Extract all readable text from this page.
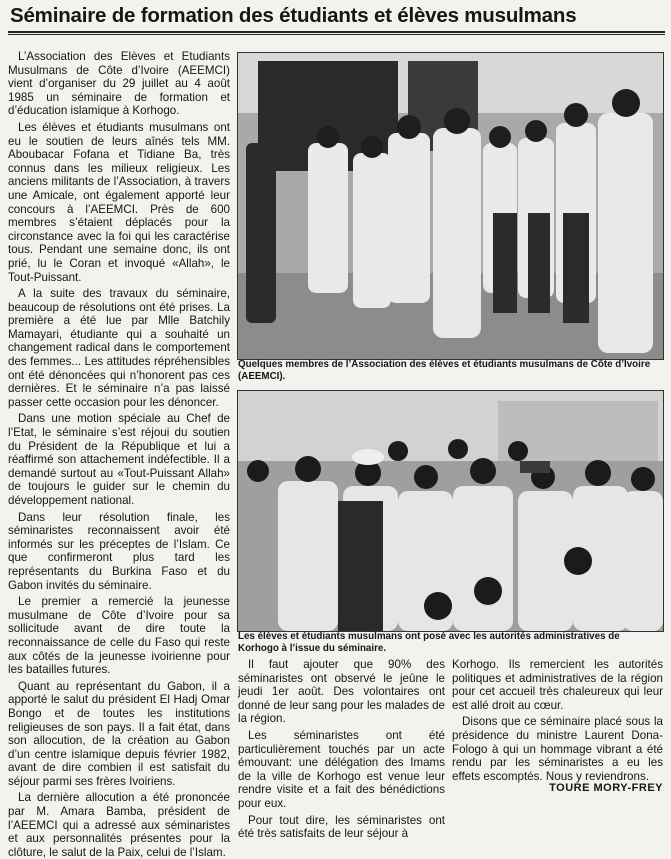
Séminaire de formation des étudiants et élèves musulmans

L’Association des Elèves et Etudiants Musulmans de Côte d’Ivoire (AEEMCI) vient d’organiser du 29 juillet au 4 août 1985 un séminaire de formation et d’éducation islamique à Korhogo.

Les élèves et étudiants musulmans ont eu le soutien de leurs aînés tels MM. Aboubacar Fofana et Tidiane Ba, très connus dans les milieux religieux. Les anciens militants de l’Association, à travers une Amicale, ont également apporté leur concours à l’AEEMCI. Près de 600 membres s’étaient déplacés pour la circonstance avec la foi qui les caractérise tous. Pendant une semaine donc, ils ont prié, lu le Coran et invoqué «Allah», le Tout-Puissant.

A la suite des travaux du séminaire, beaucoup de résolutions ont été prises. La première a été lue par Mlle Batchily Mamayari, étudiante qui a souhaité un changement radical dans le comportement des femmes... Les attitudes répréhensibles ont été dénoncées qui n’honorent pas ces dernières. Et le séminaire n’a pas laissé passer cette occasion pour les dénoncer.

Dans une motion spéciale au Chef de l’Etat, le séminaire s’est réjoui du soutien du Président de la République et lui a réaffirmé son attachement indéfectible. Il a demandé surtout au «Tout-Puissant Allah» de toujours le guider sur le chemin du développement national.

Dans leur résolution finale, les séminaristes reconnaissent avoir été informés sur les préceptes de l’Islam. Ce que confirmeront plus tard les représentants du Burkina Faso et du Gabon invités du séminaire.

Le premier a remercié la jeunesse musulmane de Côte d’Ivoire pour sa sollicitude avant de dire toute la reconnaissance de celle du Faso qui reste aux côtés de la jeunesse ivoirienne pour les batailles futures.

Quant au représentant du Gabon, il a apporté le salut du président El Hadj Omar Bongo et de toutes les institutions religieuses de son pays. Il a fait état, dans son allocution, de la création au Gabon d’un centre islamique depuis février 1982, avant de dire combien il est satisfait du séjour parmi ses frères Ivoiriens.

La dernière allocution a été prononcée par M. Amara Bamba, président de l’AEEMCI qui a adressé aux séminaristes et aux personnalités présentes pour la clôture, le salut de la Paix, celui de l’Islam.

Quelques membres de l’Association des élèves et étudiants musulmans de Côte d’Ivoire (AEEMCI).
Les élèves et étudiants musulmans ont posé avec les autorités administratives de Korhogo à l’issue du séminaire.

Il faut ajouter que 90% des séminaristes ont observé le jeûne le jeudi 1er août. Des volontaires ont donné de leur sang pour les malades de la région.

Les séminaristes ont été particulièrement touchés par un acte émouvant: une délégation des Imams de la ville de Korhogo est venue leur rendre visite et a fait des bénédictions pour eux.

Pour tout dire, les séminaristes ont été très satisfaits de leur séjour à

Korhogo. Ils remercient les autorités politiques et administratives de la région pour cet accueil très chaleureux qui leur est allé droit au cœur.

Disons que ce séminaire placé sous la présidence du ministre Laurent Dona-Fologo à qui un hommage vibrant a été rendu par les séminaristes a eu les effets escomptés. Nous y reviendrons.

TOURE MORY-FREY
